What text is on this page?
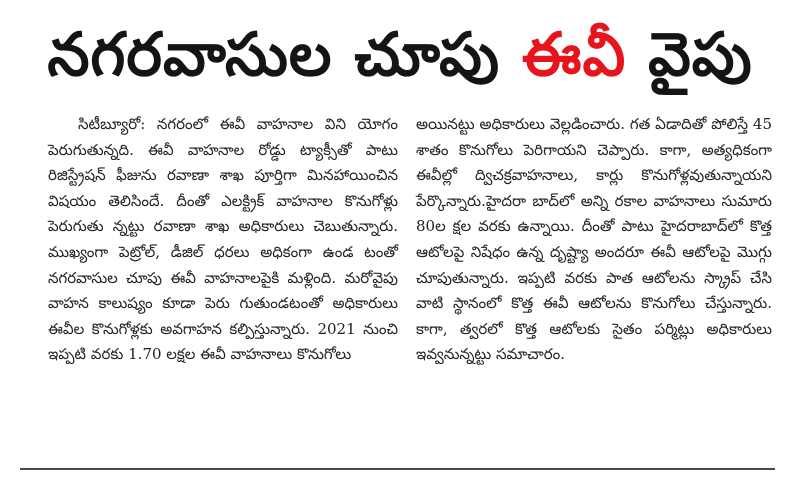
నగరవాసుల చూపు ఈవీ వైపు

సిటీబ్యూరో: నగరంలో ఈవీ వాహనాల విని యోగం పెరుగుతున్నది. ఈవీ వాహనాల రోడ్డు ట్యాక్సీతో పాటు రిజిస్ట్రేషన్ ఫీజును రవాణా శాఖ పూర్తిగా మినహాయించిన విషయం తెలిసిందే. దీంతో ఎలక్ట్రిక్ వాహనాల కొనుగోళ్లు పెరుగుతు న్నట్టు రవాణా శాఖ అధికారులు చెబుతున్నారు. ముఖ్యంగా పెట్రోల్, డీజిల్ ధరలు అధికంగా ఉండ టంతో నగరవాసుల చూపు ఈవీ వాహనాలపైకి మళ్లింది. మరోవైపు వాహన కాలుష్యం కూడా పెరు గుతుండటంతో అధికారులు ఈవీల కొనుగోళ్లకు అవగాహన కల్పిస్తున్నారు. 2021 నుంచి ఇప్పటి వరకు 1.70 లక్షల ఈవీ వాహనాలు కొనుగోలు

అయినట్టు అధికారులు వెల్లడించారు. గత ఏడాదితో పోలిస్తే 45 శాతం కొనుగోలు పెరిగాయని చెప్పారు. కాగా, అత్యధికంగా ఈవీల్లో ద్విచక్రవాహనాలు, కార్లు కొనుగోళ్లవుతున్నాయని పేర్కొన్నారు.హైదరా బాద్‌లో అన్ని రకాల వాహనాలు సుమారు 80ల క్షల వరకు ఉన్నాయి. దీంతో పాటు హైదరాబాద్‌లో కొత్త ఆటోలపై నిషేధం ఉన్న దృష్ట్యా అందరూ ఈవీ ఆటోలపై మొగ్గు చూపుతున్నారు. ఇప్పటి వరకు పాత ఆటోలను స్క్రాప్ చేసి వాటి స్థానంలో కొత్త ఈవీ ఆటోలను కొనుగోలు చేస్తున్నారు. కాగా, త్వరలో కొత్త ఆటోలకు సైతం పర్మిట్లు అధికారులు ఇవ్వనున్నట్టు సమాచారం.
